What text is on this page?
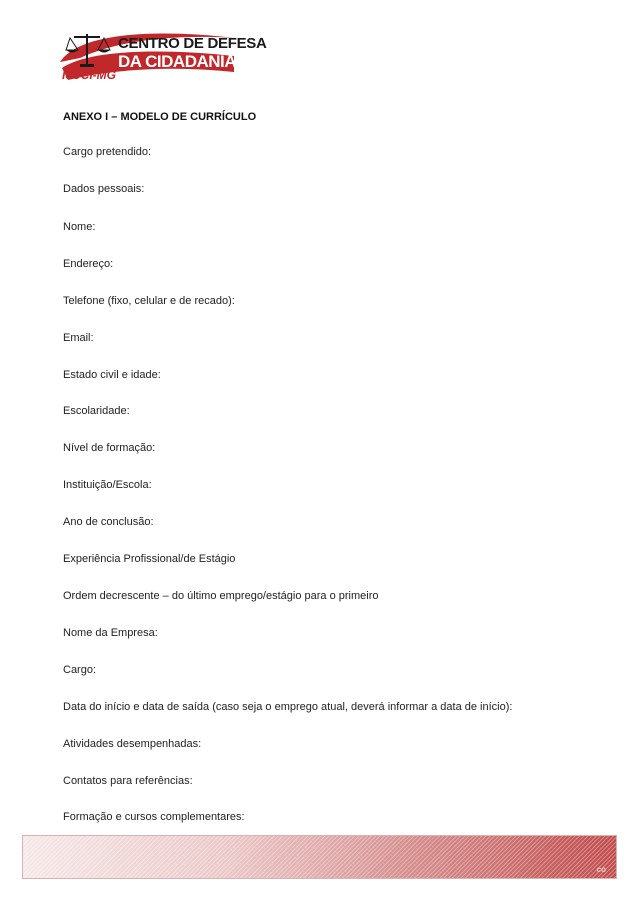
CENTRO DE DEFESA
DA CIDADANIA
IJUCI-MG
ANEXO I – MODELO DE CURRÍCULO
Cargo pretendido:
Dados pessoais:
Nome:
Endereço:
Telefone (fixo, celular e de recado):
Email:
Estado civil e idade:
Escolaridade:
Nível de formação:
Instituição/Escola:
Ano de conclusão:
Experiência Profissional/de Estágio
Ordem decrescente – do último emprego/estágio para o primeiro
Nome da Empresa:
Cargo:
Data do início e data de saída (caso seja o emprego atual, deverá informar a data de início):
Atividades desempenhadas:
Contatos para referências:
Formação e cursos complementares:
co
